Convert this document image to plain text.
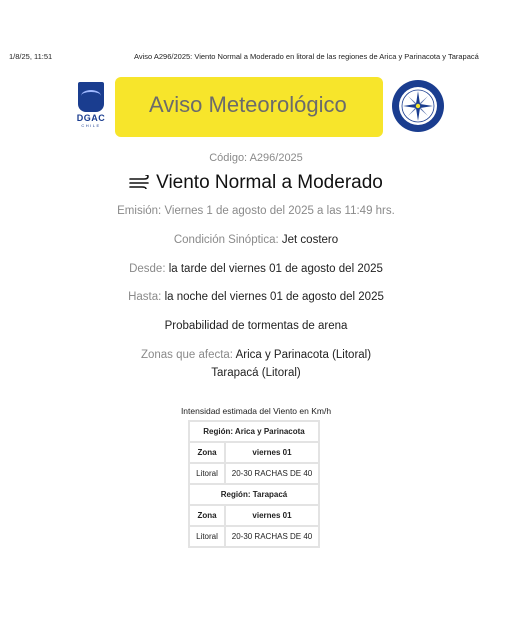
1/8/25, 11:51	Aviso A296/2025: Viento Normal a Moderado en litoral de las regiones de Arica y Parinacota y Tarapacá
DGAC
CHILE
Aviso Meteorológico
Código: A296/2025
Viento Normal a Moderado
Emisión: Viernes 1 de agosto del 2025 a las 11:49 hrs.
Condición Sinóptica: Jet costero
Desde: la tarde del viernes 01 de agosto del 2025
Hasta: la noche del viernes 01 de agosto del 2025
Probabilidad de tormentas de arena
Zonas que afecta: Arica y Parinacota (Litoral)
Tarapacá (Litoral)
Intensidad estimada del Viento en Km/h
Región: Arica y Parinacota	
Zona	viernes 01
Litoral	20-30 RACHAS DE 40
Región: Tarapacá	
Zona	viernes 01
Litoral	20-30 RACHAS DE 40
